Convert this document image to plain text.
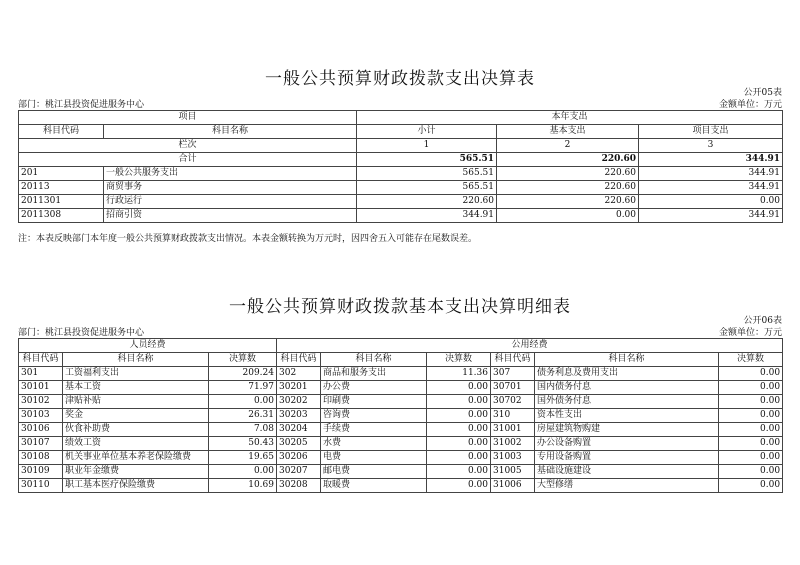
一般公共预算财政拨款支出决算表
公开05表
部门：桃江县投资促进服务中心	金额单位：万元
项目		本年支出		
科目代码	科目名称	小计	基本支出	项目支出
栏次		1	2	3
合计		565.51	220.60	344.91
201	一般公共服务支出	565.51	220.60	344.91
20113	商贸事务	565.51	220.60	344.91
2011301	行政运行	220.60	220.60	0.00
2011308	招商引资	344.91	0.00	344.91
注：本表反映部门本年度一般公共预算财政拨款支出情况。本表金额转换为万元时，因四舍五入可能存在尾数误差。
一般公共预算财政拨款基本支出决算明细表
公开06表
部门：桃江县投资促进服务中心	金额单位：万元
人员经费			公用经费					
科目代码	科目名称	决算数	科目代码	科目名称	决算数	科目代码	科目名称	决算数
301	工资福利支出	209.24	302	商品和服务支出	11.36	307	债务利息及费用支出	0.00
30101	基本工资	71.97	30201	办公费	0.00	30701	国内债务付息	0.00
30102	津贴补贴	0.00	30202	印刷费	0.00	30702	国外债务付息	0.00
30103	奖金	26.31	30203	咨询费	0.00	310	资本性支出	0.00
30106	伙食补助费	7.08	30204	手续费	0.00	31001	房屋建筑物购建	0.00
30107	绩效工资	50.43	30205	水费	0.00	31002	办公设备购置	0.00
30108	机关事业单位基本养老保险缴费	19.65	30206	电费	0.00	31003	专用设备购置	0.00
30109	职业年金缴费	0.00	30207	邮电费	0.00	31005	基础设施建设	0.00
30110	职工基本医疗保险缴费	10.69	30208	取暖费	0.00	31006	大型修缮	0.00
